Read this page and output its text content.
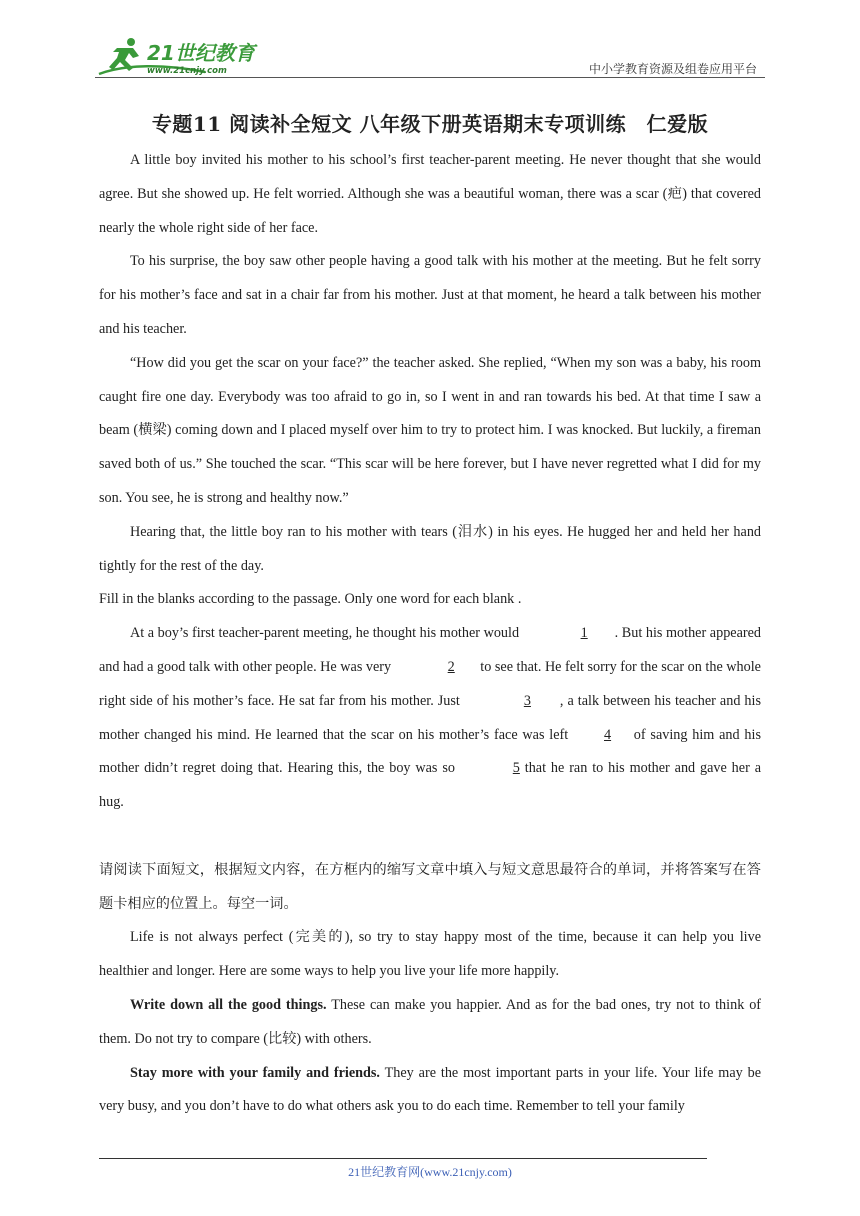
21世纪教育
www.21cnjy.com	中小学教育资源及组卷应用平台
专题11 阅读补全短文 八年级下册英语期末专项训练　仁爱版

A little boy invited his mother to his school’s first teacher-parent meeting. He never thought that she would agree. But she showed up. He felt worried. Although she was a beautiful woman, there was a scar (疤) that covered nearly the whole right side of her face.

To his surprise, the boy saw other people having a good talk with his mother at the meeting. But he felt sorry for his mother’s face and sat in a chair far from his mother. Just at that moment, he heard a talk between his mother and his teacher.

“How did you get the scar on your face?” the teacher asked. She replied, “When my son was a baby, his room caught fire one day. Everybody was too afraid to go in, so I went in and ran towards his bed. At that time I saw a beam (横梁) coming down and I placed myself over him to try to protect him. I was knocked. But luckily, a fireman saved both of us.” She touched the scar. “This scar will be here forever, but I have never regretted what I did for my son. You see, he is strong and healthy now.”

Hearing that, the little boy ran to his mother with tears (泪水) in his eyes. He hugged her and held her hand tightly for the rest of the day.

Fill in the blanks according to the passage. Only one word for each blank .

At a boy’s first teacher-parent meeting, he thought his mother would	1 . But his mother appeared and had a good talk with other people. He was very	2 to see that. He felt sorry for the scar on the whole right side of his mother’s face. He sat far from his mother. Just	3 , a talk between his teacher and his mother changed his mind. He learned that the scar on his mother’s face was left 4 of saving him and his mother didn’t regret doing that. Hearing this, the boy was so	5 that he ran to his mother and gave her a hug.

请阅读下面短文，根据短文内容，在方框内的缩写文章中填入与短文意思最符合的单词，并将答案写在答题卡相应的位置上。每空一词。

Life is not always perfect (完美的), so try to stay happy most of the time, because it can help you live healthier and longer. Here are some ways to help you live your life more happily.

Write down all the good things. These can make you happier. And as for the bad ones, try not to think of them. Do not try to compare (比较) with others.

Stay more with your family and friends. They are the most important parts in your life. Your life may be very busy, and you don’t have to do what others ask you to do each time. Remember to tell your family

21世纪教育网(www.21cnjy.com)
